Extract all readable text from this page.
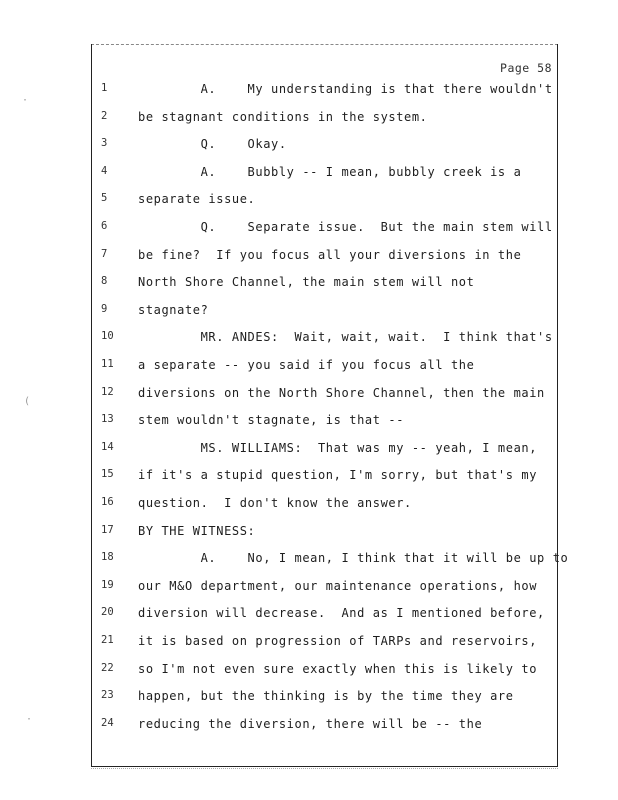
Page 58
1	A.    My understanding is that there wouldn't
2	be stagnant conditions in the system.
3	Q.    Okay.
4	A.    Bubbly -- I mean, bubbly creek is a
5	separate issue.
6	Q.    Separate issue.  But the main stem will
7	be fine?  If you focus all your diversions in the
8	North Shore Channel, the main stem will not
9	stagnate?
10	MR. ANDES:  Wait, wait, wait.  I think that's
11	a separate -- you said if you focus all the
12	diversions on the North Shore Channel, then the main
13	stem wouldn't stagnate, is that --
14	MS. WILLIAMS:  That was my -- yeah, I mean,
15	if it's a stupid question, I'm sorry, but that's my
16	question.  I don't know the answer.
17	BY THE WITNESS:
18	A.    No, I mean, I think that it will be up to
19	our M&O department, our maintenance operations, how
20	diversion will decrease.  And as I mentioned before,
21	it is based on progression of TARPs and reservoirs,
22	so I'm not even sure exactly when this is likely to
23	happen, but the thinking is by the time they are
24	reducing the diversion, there will be -- the
·
(
·
